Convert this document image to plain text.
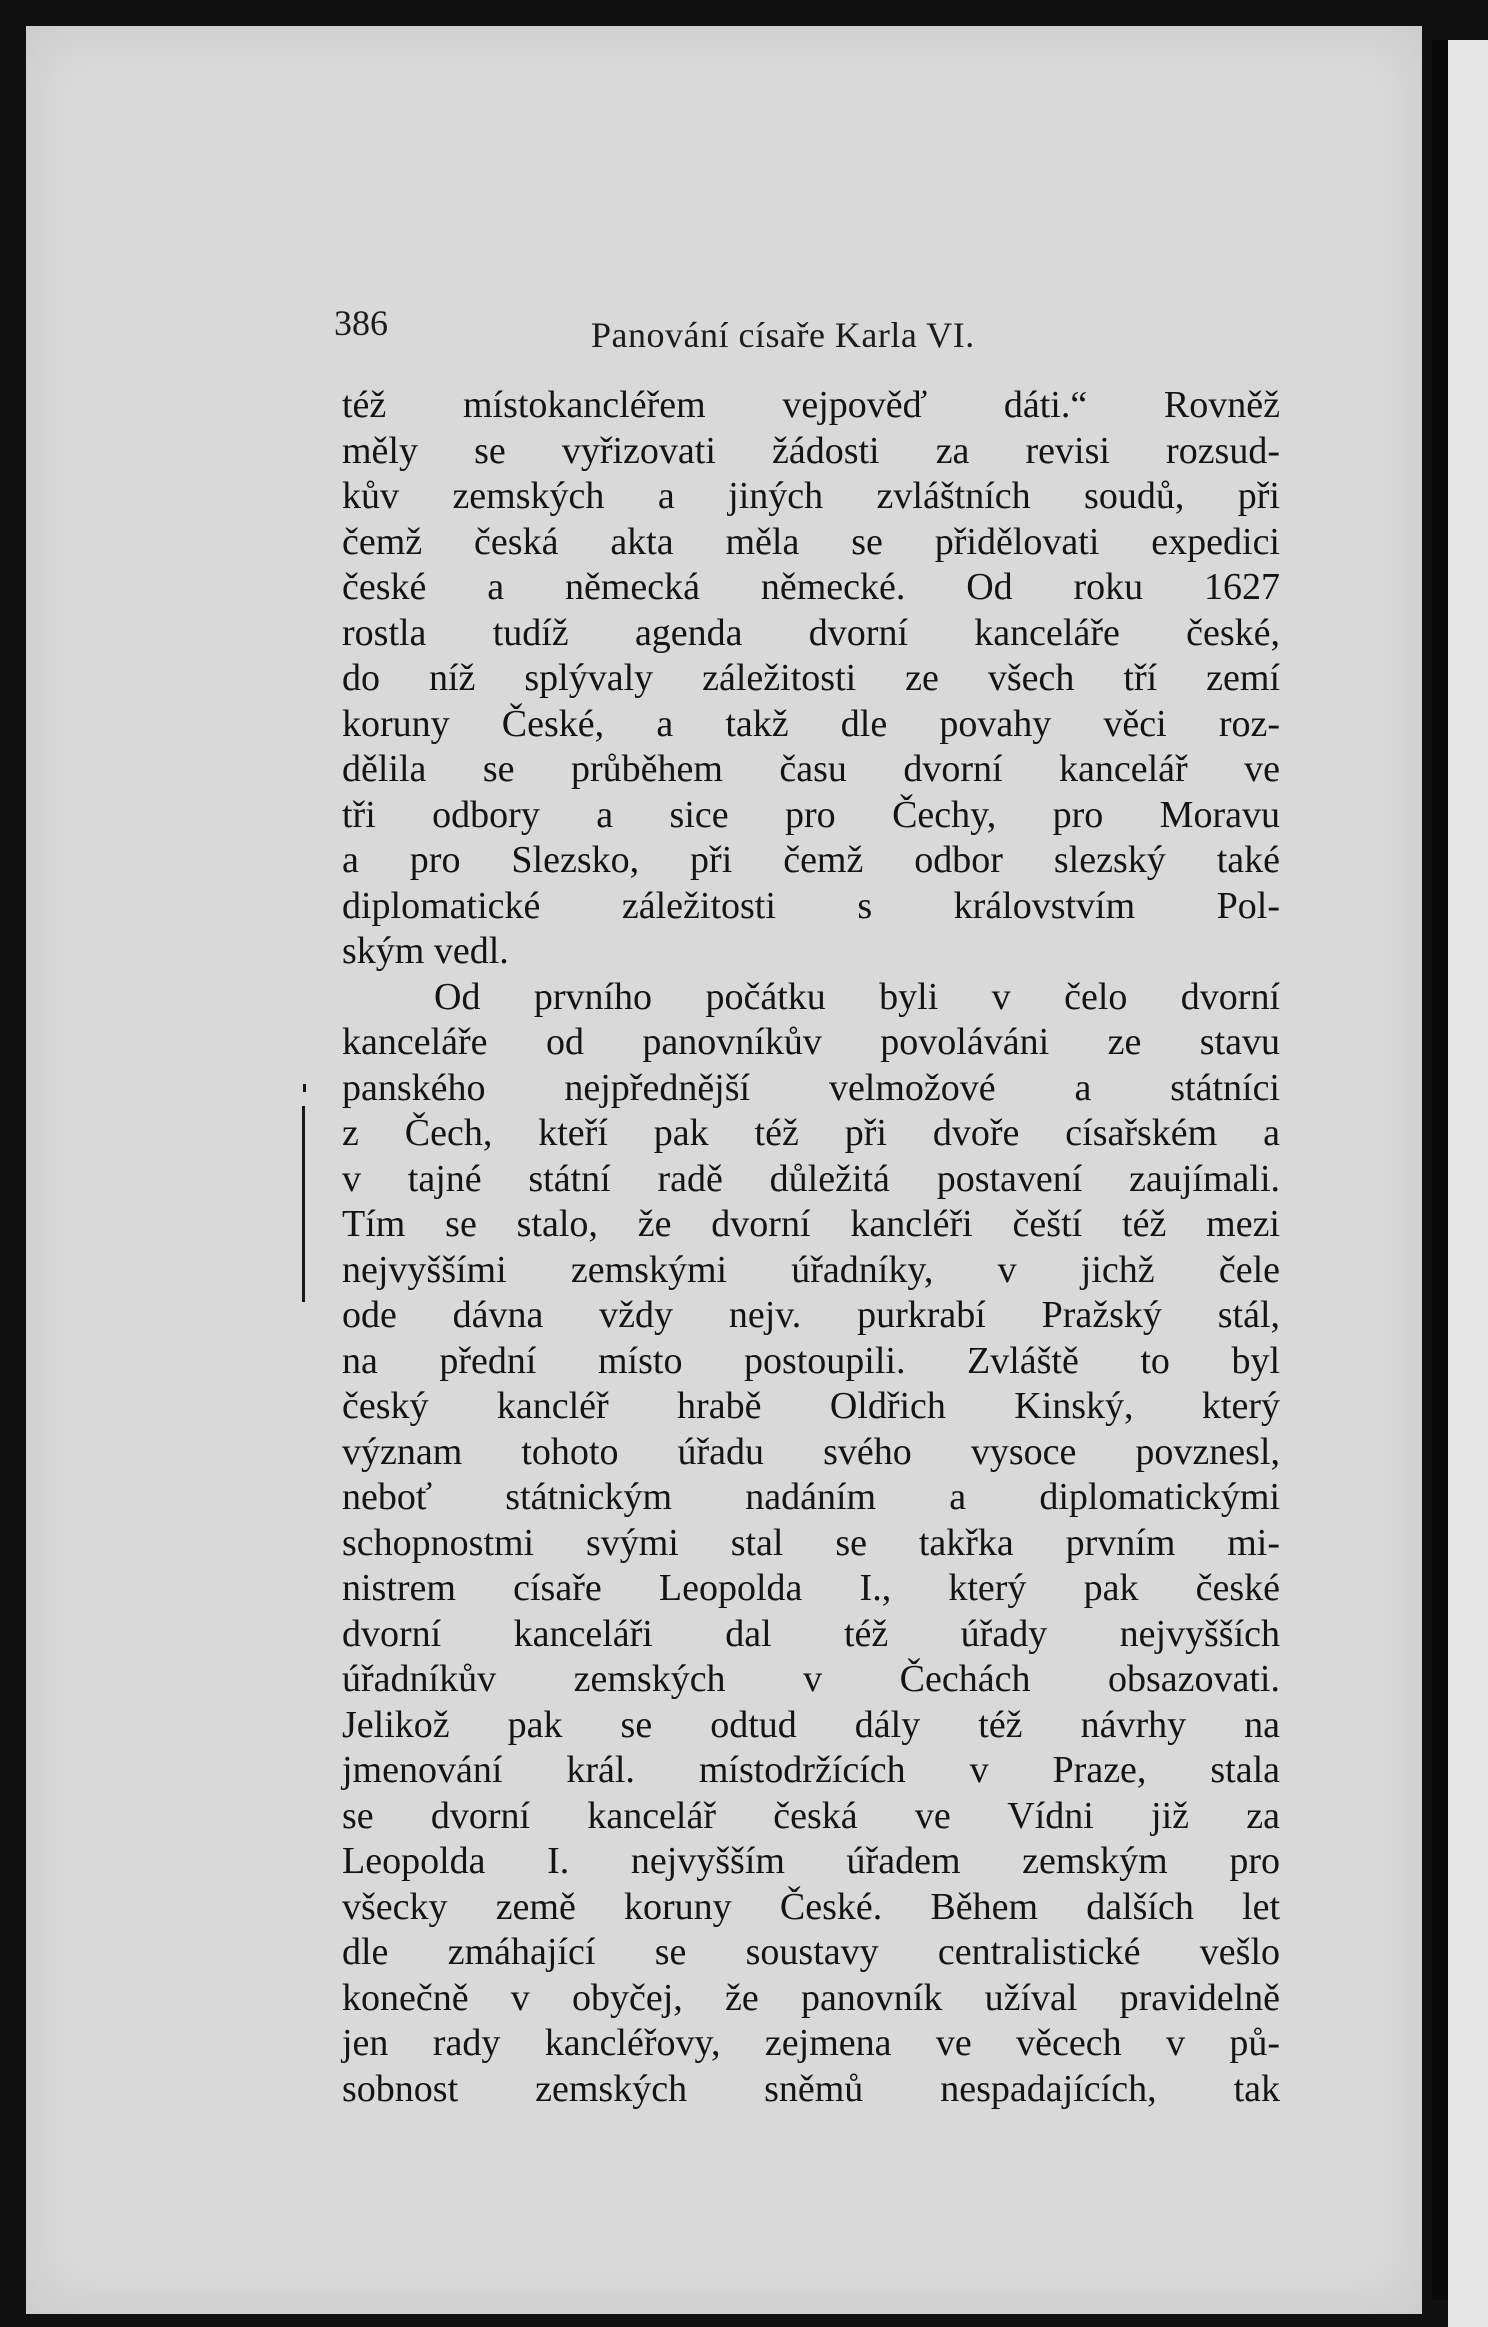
386	Panování císaře Karla VI.
též místokancléřem vejpověď dáti.“ Rovněž
měly se vyřizovati žádosti za revisi rozsud-
kův zemských a jiných zvláštních soudů, při
čemž česká akta měla se přidělovati expedici
české a německá německé. Od roku 1627
rostla tudíž agenda dvorní kanceláře české,
do níž splývaly záležitosti ze všech tří zemí
koruny České, a takž dle povahy věci roz-
dělila se průběhem času dvorní kancelář ve
tři odbory a sice pro Čechy, pro Moravu
a pro Slezsko, při čemž odbor slezský také
diplomatické záležitosti s královstvím Pol-
ským vedl.
Od prvního počátku byli v čelo dvorní
kanceláře od panovníkův povoláváni ze stavu
panského nejpřednější velmožové a státníci
z Čech, kteří pak též při dvoře císařském a
v tajné státní radě důležitá postavení zaujímali.
Tím se stalo, že dvorní kancléři čeští též mezi
nejvyššími zemskými úřadníky, v jichž čele
ode dávna vždy nejv. purkrabí Pražský stál,
na přední místo postoupili. Zvláště to byl
český kancléř hrabě Oldřich Kinský, který
význam tohoto úřadu svého vysoce povznesl,
neboť státnickým nadáním a diplomatickými
schopnostmi svými stal se takřka prvním mi-
nistrem císaře Leopolda I., který pak české
dvorní kanceláři dal též úřady nejvyšších
úřadníkův zemských v Čechách obsazovati.
Jelikož pak se odtud dály též návrhy na
jmenování král. místodržících v Praze, stala
se dvorní kancelář česká ve Vídni již za
Leopolda I. nejvyšším úřadem zemským pro
všecky země koruny České. Během dalších let
dle zmáhající se soustavy centralistické vešlo
konečně v obyčej, že panovník užíval pravidelně
jen rady kancléřovy, zejmena ve věcech v pů-
sobnost zemských sněmů nespadajících, tak
